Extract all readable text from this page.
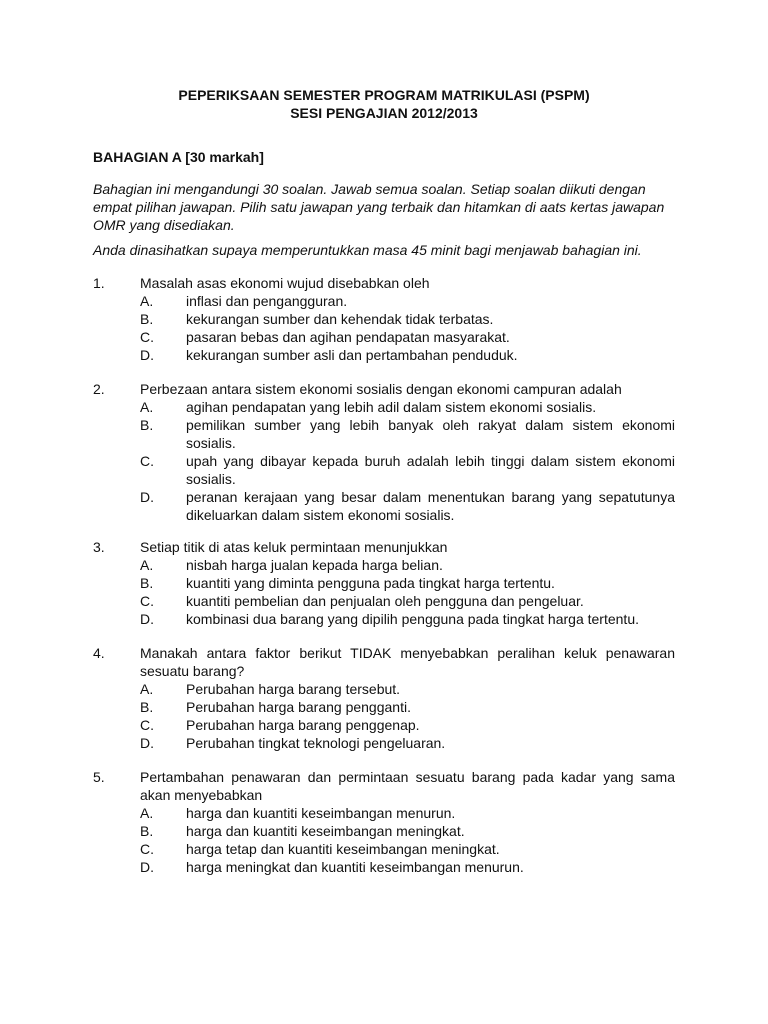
PEPERIKSAAN SEMESTER PROGRAM MATRIKULASI (PSPM)
SESI PENGAJIAN 2012/2013
BAHAGIAN A [30 markah]
Bahagian ini mengandungi 30 soalan. Jawab semua soalan. Setiap soalan diikuti dengan empat pilihan jawapan. Pilih satu jawapan yang terbaik dan hitamkan di aats kertas jawapan OMR yang disediakan.
Anda dinasihatkan supaya memperuntukkan masa 45 minit bagi menjawab bahagian ini.
1.	Masalah asas ekonomi wujud disebabkan oleh
A.	inflasi dan pengangguran.
B.	kekurangan sumber dan kehendak tidak terbatas.
C.	pasaran bebas dan agihan pendapatan masyarakat.
D.	kekurangan sumber asli dan pertambahan penduduk.
2.	Perbezaan antara sistem ekonomi sosialis dengan ekonomi campuran adalah
A.	agihan pendapatan yang lebih adil dalam sistem ekonomi sosialis.
B.	pemilikan sumber yang lebih banyak oleh rakyat dalam sistem ekonomi sosialis.
C.	upah yang dibayar kepada buruh adalah lebih tinggi dalam sistem ekonomi sosialis.
D.	peranan kerajaan yang besar dalam menentukan barang yang sepatutunya dikeluarkan dalam sistem ekonomi sosialis.
3.	Setiap titik di atas keluk permintaan menunjukkan
A.	nisbah harga jualan kepada harga belian.
B.	kuantiti yang diminta pengguna pada tingkat harga tertentu.
C.	kuantiti pembelian dan penjualan oleh pengguna dan pengeluar.
D.	kombinasi dua barang yang dipilih pengguna pada tingkat harga tertentu.
4.	Manakah antara faktor berikut TIDAK menyebabkan peralihan keluk penawaran sesuatu barang?
A.	Perubahan harga barang tersebut.
B.	Perubahan harga barang pengganti.
C.	Perubahan harga barang penggenap.
D.	Perubahan tingkat teknologi pengeluaran.
5.	Pertambahan penawaran dan permintaan sesuatu barang pada kadar yang sama akan menyebabkan
A.	harga dan kuantiti keseimbangan menurun.
B.	harga dan kuantiti keseimbangan meningkat.
C.	harga tetap dan kuantiti keseimbangan meningkat.
D.	harga meningkat dan kuantiti keseimbangan menurun.
